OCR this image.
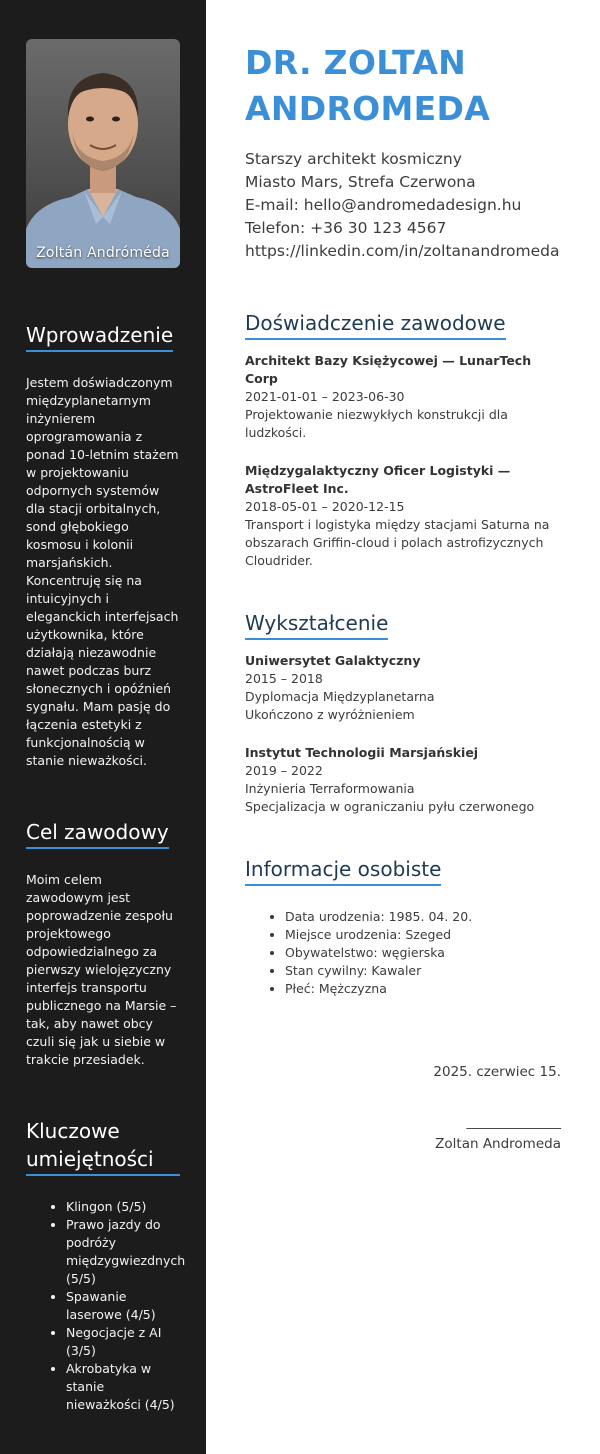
Zoltán Andróméda
Wprowadzenie

Jestem doświadczonym międzyplanetarnym inżynierem oprogramowania z ponad 10-letnim stażem w projektowaniu odpornych systemów dla stacji orbitalnych, sond głębokiego kosmosu i kolonii marsjańskich. Koncentruję się na intuicyjnych i eleganckich interfejsach użytkownika, które działają niezawodnie nawet podczas burz słonecznych i opóźnień sygnału. Mam pasję do łączenia estetyki z funkcjonalnością w stanie nieważkości.

Cel zawodowy

Moim celem zawodowym jest poprowadzenie zespołu projektowego odpowiedzialnego za pierwszy wielojęzyczny interfejs transportu publicznego na Marsie – tak, aby nawet obcy czuli się jak u siebie w trakcie przesiadek.

Kluczowe umiejętności
• Klingon (5/5)
• Prawo jazdy do podróży międzygwiezdnych (5/5)
• Spawanie laserowe (4/5)
• Negocjacje z AI (3/5)
• Akrobatyka w stanie nieważkości (4/5)
DR. ZOLTAN
ANDROMEDA
Starszy architekt kosmiczny
Miasto Mars, Strefa Czerwona
E-mail: hello@andromedadesign.hu
Telefon: +36 30 123 4567
https://linkedin.com/in/zoltanandromeda
Doświadczenie zawodowe
Architekt Bazy Księżycowej — LunarTech Corp
2021-01-01 – 2023-06-30
Projektowanie niezwykłych konstrukcji dla ludzkości.
Międzygalaktyczny Oficer Logistyki — AstroFleet Inc.
2018-05-01 – 2020-12-15
Transport i logistyka między stacjami Saturna na obszarach Griffin-cloud i polach astrofizycznych Cloudrider.
Wykształcenie
Uniwersytet Galaktyczny
2015 – 2018
Dyplomacja Międzyplanetarna
Ukończono z wyróżnieniem
Instytut Technologii Marsjańskiej
2019 – 2022
Inżynieria Terraformowania
Specjalizacja w ograniczaniu pyłu czerwonego
Informacje osobiste
• Data urodzenia: 1985. 04. 20.
• Miejsce urodzenia: Szeged
• Obywatelstwo: węgierska
• Stan cywilny: Kawaler
• Płeć: Mężczyzna
2025. czerwiec 15.
______________
Zoltan Andromeda
